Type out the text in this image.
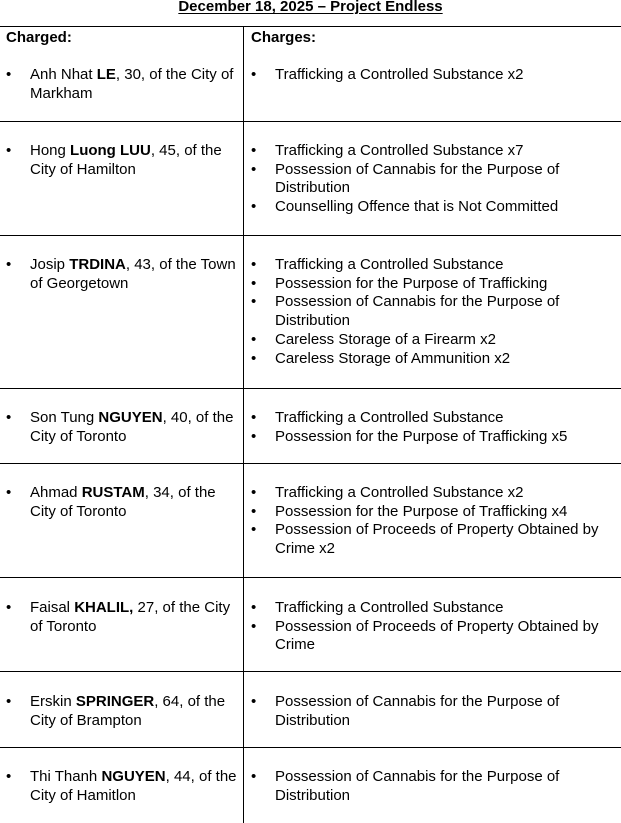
December 18, 2025 – Project Endless
Charged:	Charges:
• Anh Nhat LE, 30, of the City of Markham
• Trafficking a Controlled Substance x2
• Hong Luong LUU, 45, of the City of Hamilton
• Trafficking a Controlled Substance x7
• Possession of Cannabis for the Purpose of Distribution
• Counselling Offence that is Not Committed
• Josip TRDINA, 43, of the Town of Georgetown
• Trafficking a Controlled Substance
• Possession for the Purpose of Trafficking
• Possession of Cannabis for the Purpose of Distribution
• Careless Storage of a Firearm x2
• Careless Storage of Ammunition x2
• Son Tung NGUYEN, 40, of the City of Toronto
• Trafficking a Controlled Substance
• Possession for the Purpose of Trafficking x5
• Ahmad RUSTAM, 34, of the City of Toronto
• Trafficking a Controlled Substance x2
• Possession for the Purpose of Trafficking x4
• Possession of Proceeds of Property Obtained by Crime x2
• Faisal KHALIL, 27, of the City of Toronto
• Trafficking a Controlled Substance
• Possession of Proceeds of Property Obtained by Crime
• Erskin SPRINGER, 64, of the City of Brampton
• Possession of Cannabis for the Purpose of Distribution
• Thi Thanh NGUYEN, 44, of the City of Hamitlon
• Possession of Cannabis for the Purpose of Distribution
